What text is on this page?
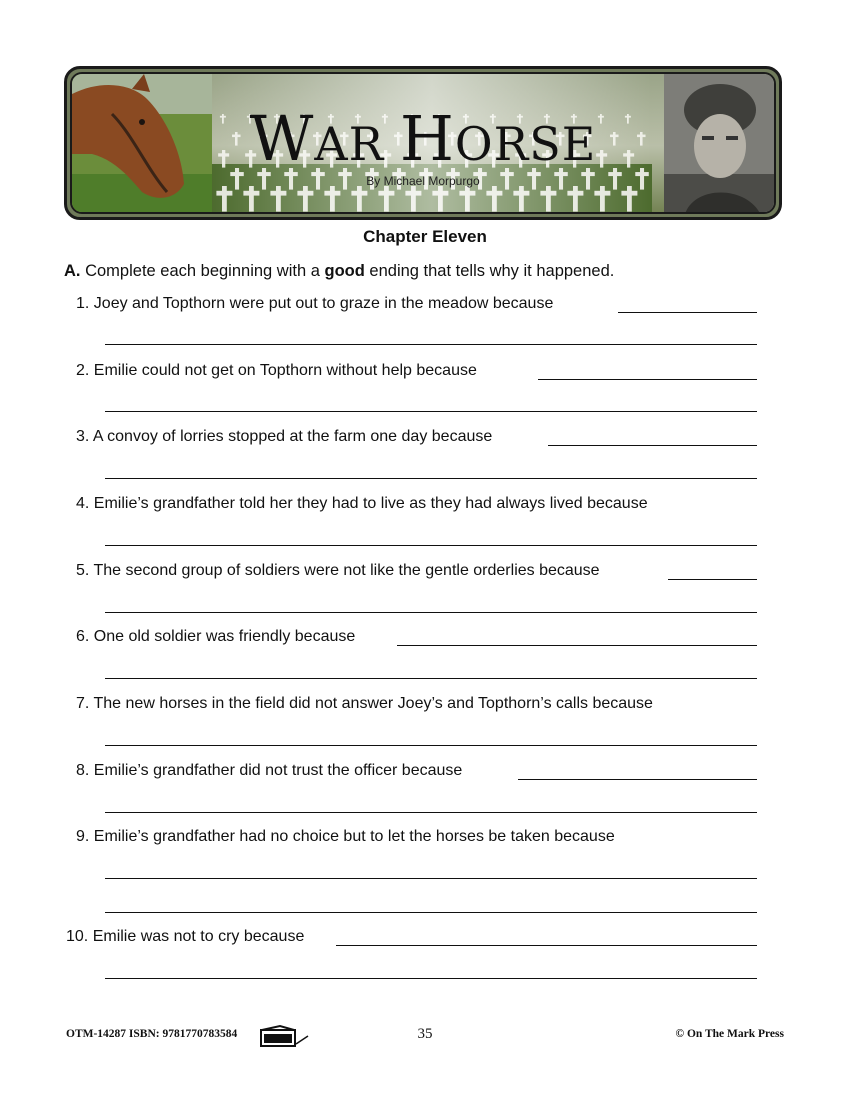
WAR HORSE
By Michael Morpurgo
Chapter Eleven
A. Complete each beginning with a good ending that tells why it happened.
1. Joey and Topthorn were put out to graze in the meadow because
2. Emilie could not get on Topthorn without help because
3. A convoy of lorries stopped at the farm one day because
4. Emilie’s grandfather told her they had to live as they had always lived because
5. The second group of soldiers were not like the gentle orderlies because
6. One old soldier was friendly because
7. The new horses in the field did not answer Joey’s and Topthorn’s calls because
8. Emilie’s grandfather did not trust the officer because
9. Emilie’s grandfather had no choice but to let the horses be taken because
10. Emilie was not to cry because
OTM-14287 ISBN: 9781770783584	35	© On The Mark Press
